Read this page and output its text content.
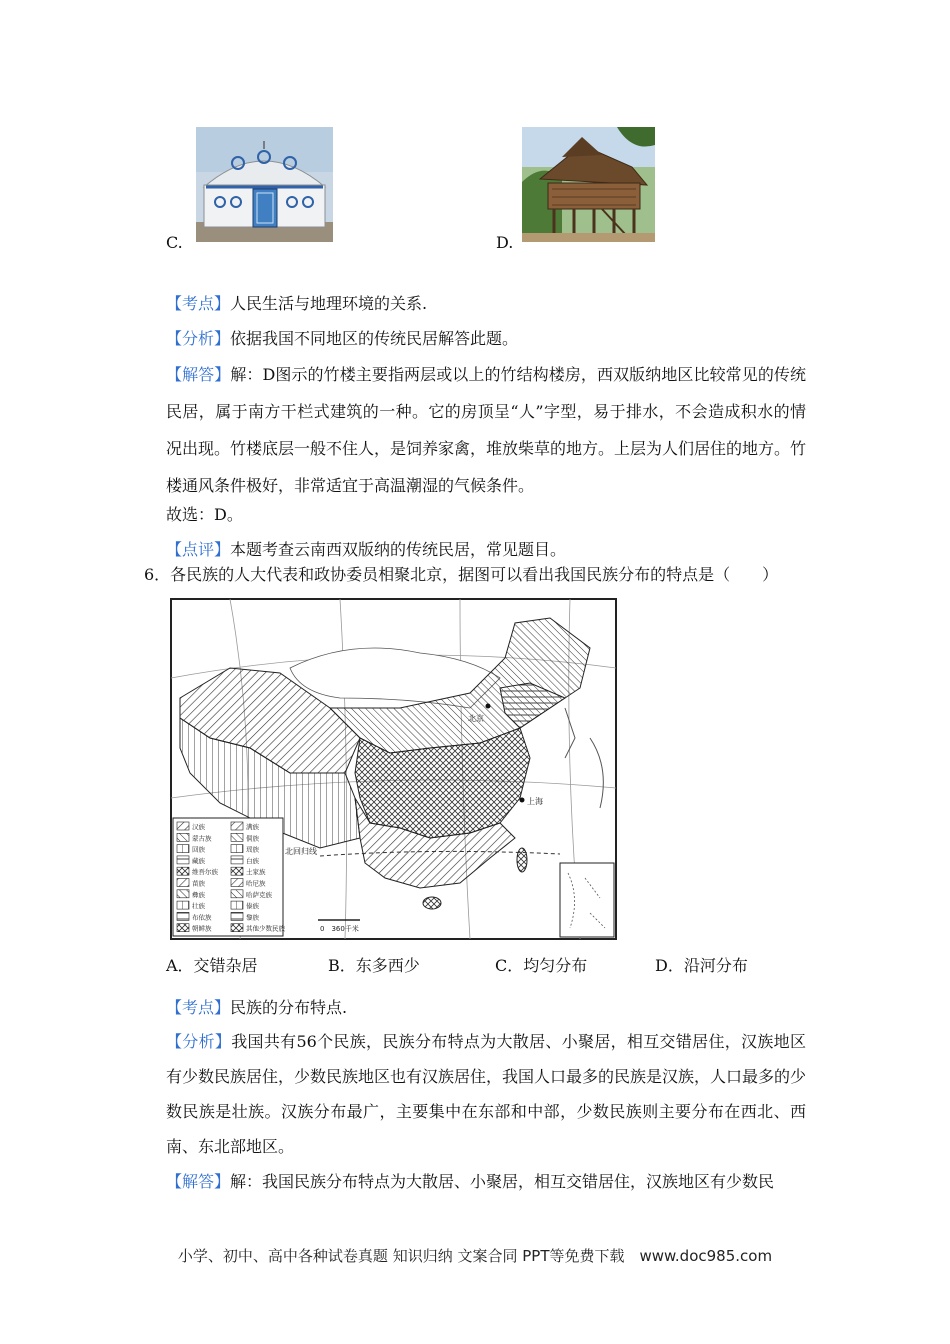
C.	D.
【考点】人民生活与地理环境的关系.
【分析】依据我国不同地区的传统民居解答此题。
【解答】解：D图示的竹楼主要指两层或以上的竹结构楼房，西双版纳地区比较常见的传统民居，属于南方干栏式建筑的一种。它的房顶呈“人”字型，易于排水，不会造成积水的情况出现。竹楼底层一般不住人，是饲养家禽，堆放柴草的地方。上层为人们居住的地方。竹楼通风条件极好，非常适宜于高温潮湿的气候条件。
故选：D。
【点评】本题考查云南西双版纳的传统民居，常见题目。
6．各民族的人大代表和政协委员相聚北京，据图可以看出我国民族分布的特点是（　　）
北回归线
北京
上海
汉族
蒙古族
回族
藏族
维吾尔族
苗族
彝族
壮族
布依族
朝鲜族
满族
侗族
瑶族
白族
土家族
哈尼族
哈萨克族
傣族
黎族
其他少数民族	0　360千米
A．交错杂居	B．东多西少	C．均匀分布	D．沿河分布
【考点】民族的分布特点.
【分析】我国共有56个民族，民族分布特点为大散居、小聚居，相互交错居住，汉族地区有少数民族居住，少数民族地区也有汉族居住，我国人口最多的民族是汉族，人口最多的少数民族是壮族。汉族分布最广，主要集中在东部和中部，少数民族则主要分布在西北、西南、东北部地区。
【解答】解：我国民族分布特点为大散居、小聚居，相互交错居住，汉族地区有少数民
小学、初中、高中各种试卷真题 知识归纳 文案合同 PPT等免费下载　www.doc985.com
